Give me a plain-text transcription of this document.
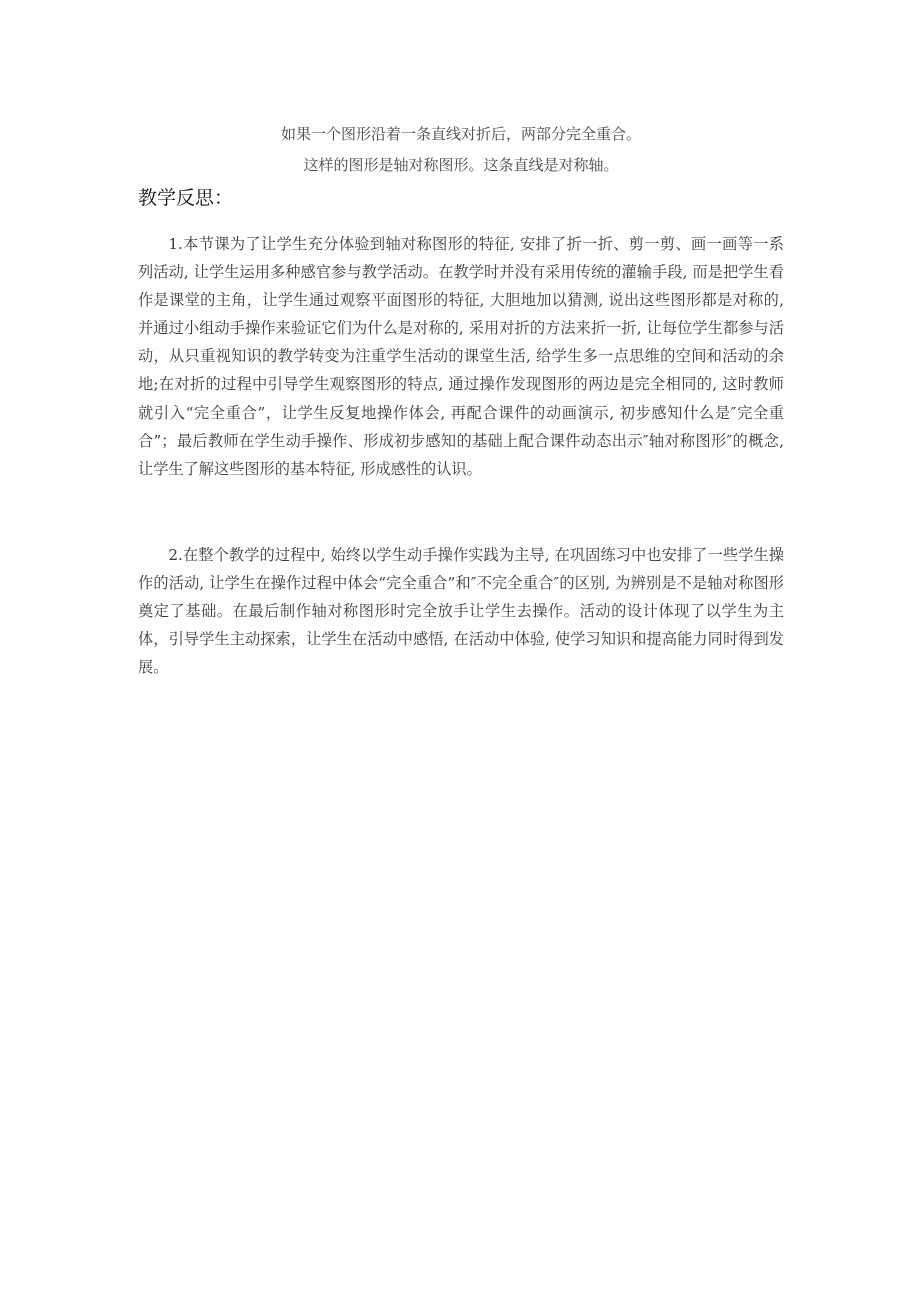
如果一个图形沿着一条直线对折后，两部分完全重合。
这样的图形是轴对称图形。这条直线是对称轴。
教学反思：

1.本节课为了让学生充分体验到轴对称图形的特征, 安排了折一折、剪一剪、画一画等一系列活动, 让学生运用多种感官参与教学活动。在教学时并没有采用传统的灌输手段, 而是把学生看作是课堂的主角，让学生通过观察平面图形的特征, 大胆地加以猜测, 说出这些图形都是对称的, 并通过小组动手操作来验证它们为什么是对称的, 采用对折的方法来折一折, 让每位学生都参与活动，从只重视知识的教学转变为注重学生活动的课堂生活, 给学生多一点思维的空间和活动的余地;在对折的过程中引导学生观察图形的特点, 通过操作发现图形的两边是完全相同的, 这时教师就引入“完全重合”，让学生反复地操作体会, 再配合课件的动画演示, 初步感知什么是″完全重合”；最后教师在学生动手操作、形成初步感知的基础上配合课件动态出示″轴对称图形″的概念, 让学生了解这些图形的基本特征, 形成感性的认识。

2.在整个教学的过程中, 始终以学生动手操作实践为主导, 在巩固练习中也安排了一些学生操作的活动, 让学生在操作过程中体会“完全重合”和″不完全重合″的区别, 为辨别是不是轴对称图形奠定了基础。在最后制作轴对称图形时完全放手让学生去操作。活动的设计体现了以学生为主体，引导学生主动探索，让学生在活动中感悟, 在活动中体验, 使学习知识和提高能力同时得到发展。
